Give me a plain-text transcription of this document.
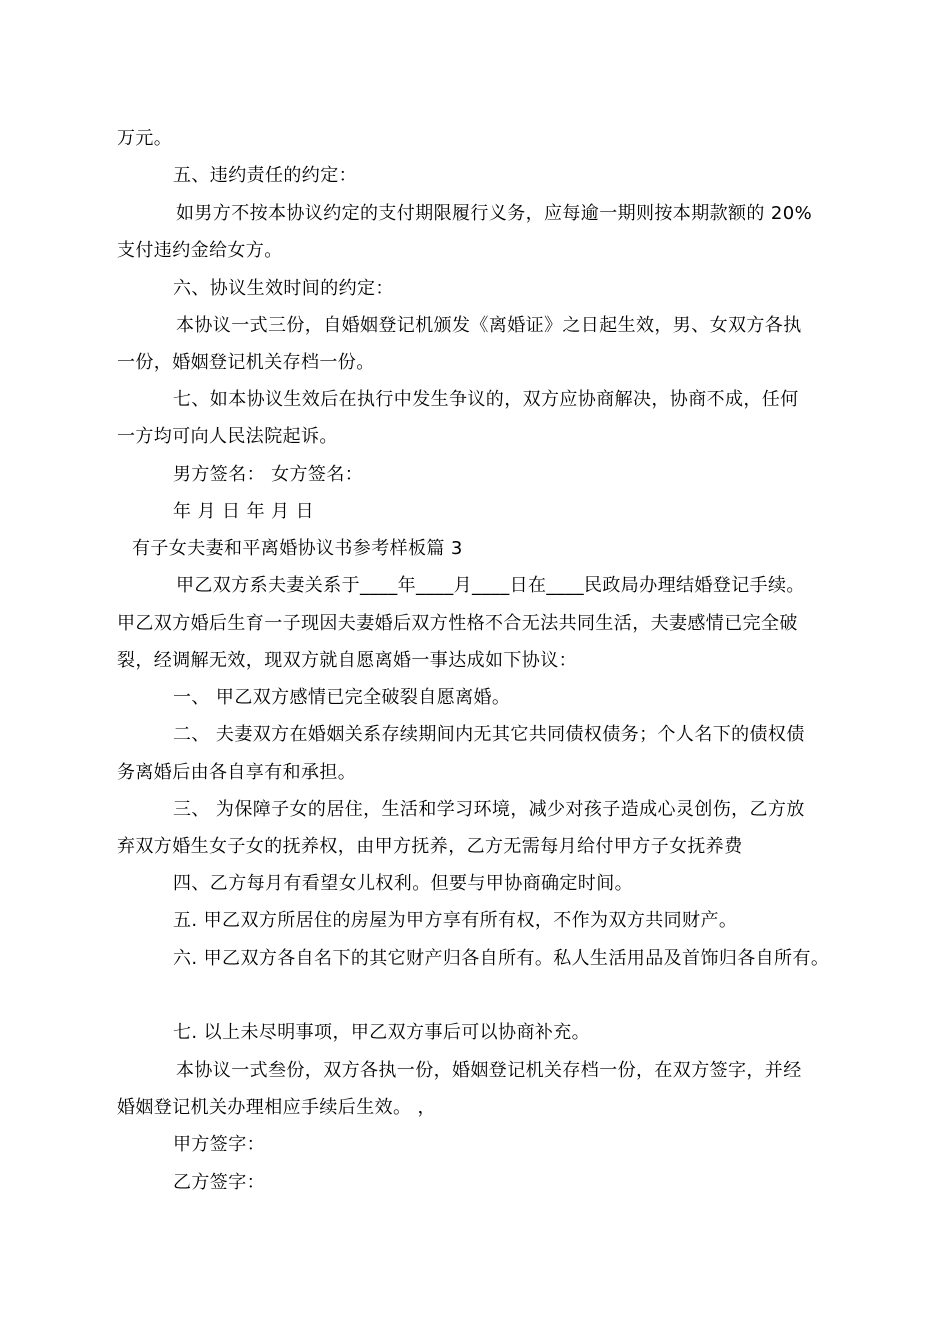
万元。
五、违约责任的约定：
如男方不按本协议约定的支付期限履行义务，应每逾一期则按本期款额的 20%
支付违约金给女方。
六、协议生效时间的约定：
本协议一式三份，自婚姻登记机颁发《离婚证》之日起生效，男、女双方各执
一份，婚姻登记机关存档一份。
七、如本协议生效后在执行中发生争议的，双方应协商解决，协商不成，任何
一方均可向人民法院起诉。
男方签名： 女方签名：
年 月 日 年 月 日
有子女夫妻和平离婚协议书参考样板篇 3
甲乙双方系夫妻关系于____年____月____日在____民政局办理结婚登记手续。
甲乙双方婚后生育一子现因夫妻婚后双方性格不合无法共同生活，夫妻感情已完全破
裂，经调解无效，现双方就自愿离婚一事达成如下协议：
一、 甲乙双方感情已完全破裂自愿离婚。
二、 夫妻双方在婚姻关系存续期间内无其它共同债权债务；个人名下的债权债
务离婚后由各自享有和承担。
三、 为保障子女的居住，生活和学习环境，减少对孩子造成心灵创伤，乙方放
弃双方婚生女子女的抚养权，由甲方抚养，乙方无需每月给付甲方子女抚养费
四、乙方每月有看望女儿权利。但要与甲协商确定时间。
五. 甲乙双方所居住的房屋为甲方享有所有权，不作为双方共同财产。
六. 甲乙双方各自名下的其它财产归各自所有。私人生活用品及首饰归各自所有。
七. 以上未尽明事项，甲乙双方事后可以协商补充。
本协议一式叁份，双方各执一份，婚姻登记机关存档一份，在双方签字，并经
婚姻登记机关办理相应手续后生效。 ，
甲方签字：
乙方签字：
